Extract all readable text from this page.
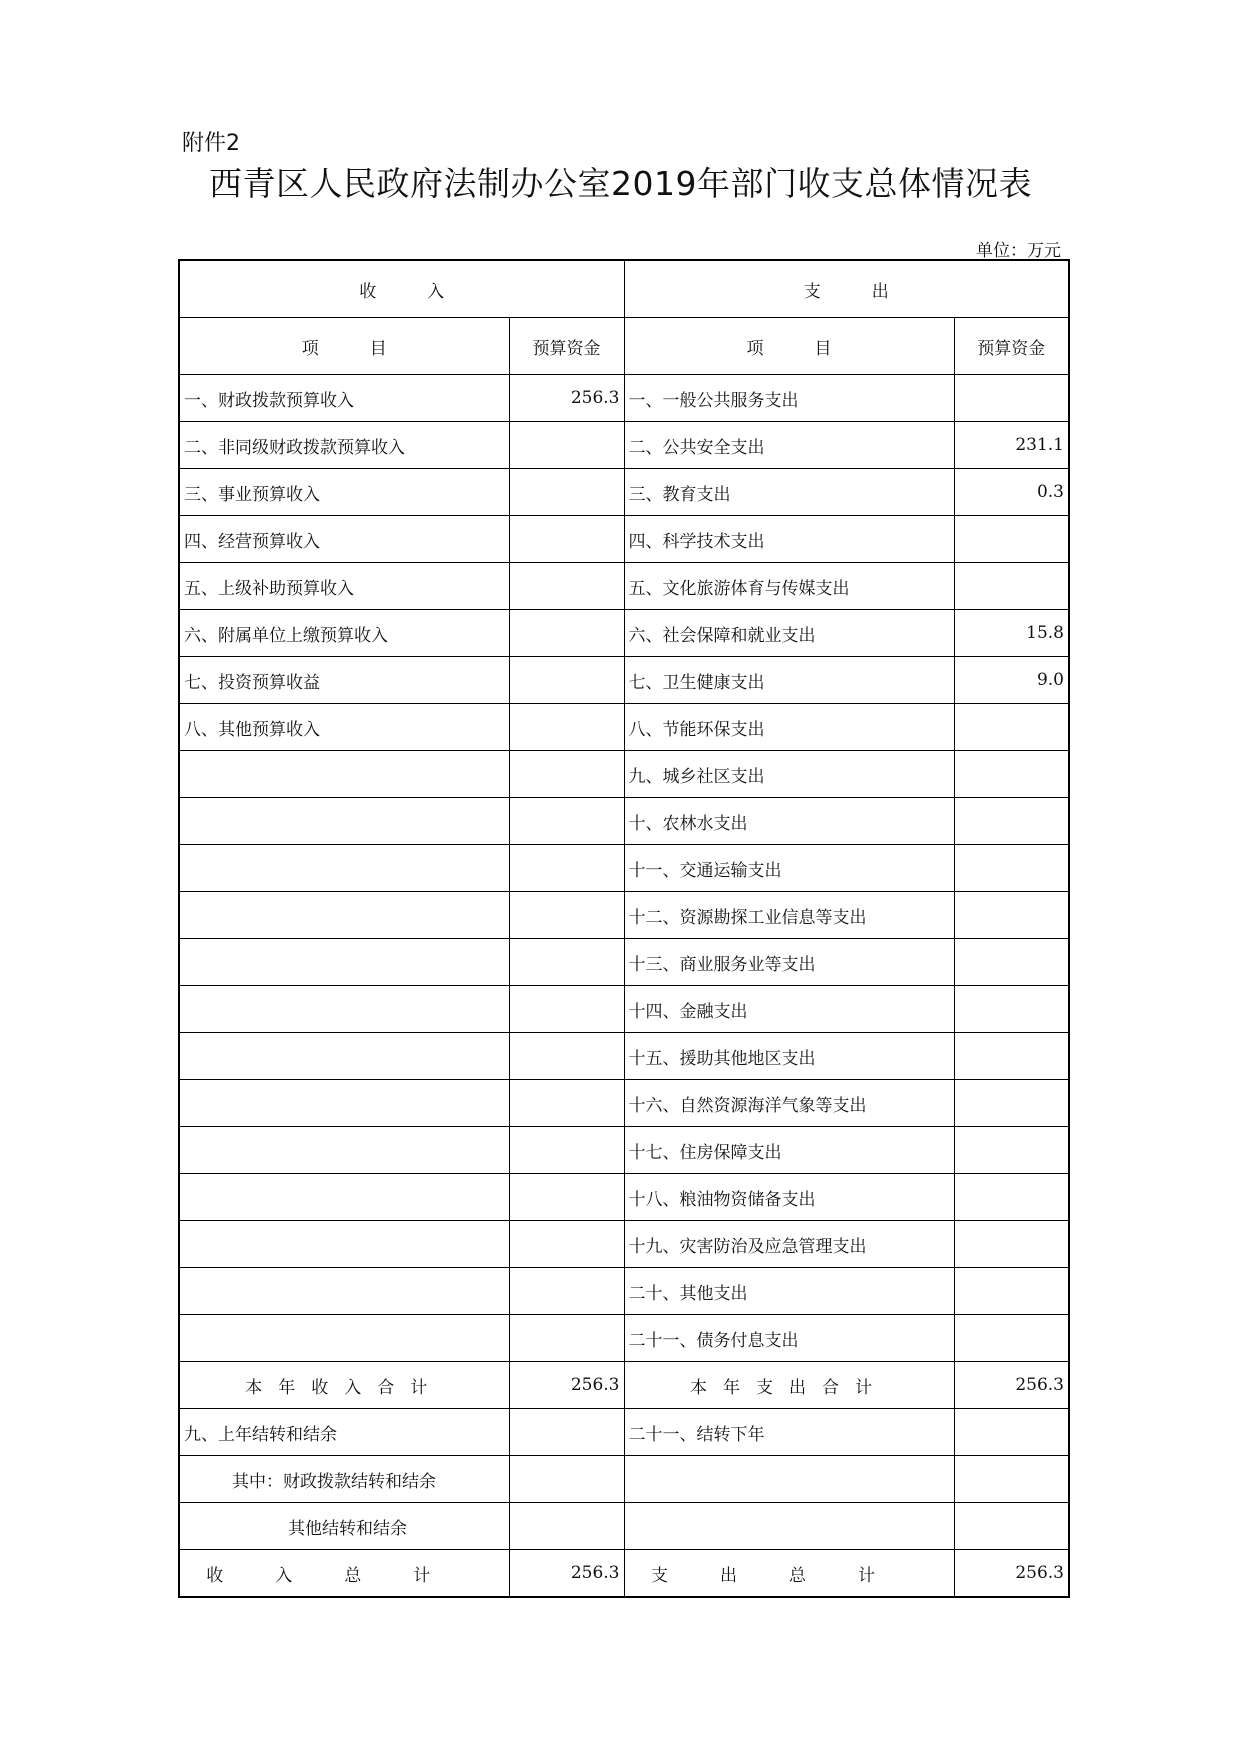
附件2
西青区人民政府法制办公室2019年部门收支总体情况表
单位：万元
收　　　入		支　　　出	
项　　　目	预算资金	项　　　目	预算资金
一、财政拨款预算收入	256.3	一、一般公共服务支出	
二、非同级财政拨款预算收入		二、公共安全支出	231.1
三、事业预算收入		三、教育支出	0.3
四、经营预算收入		四、科学技术支出	
五、上级补助预算收入		五、文化旅游体育与传媒支出	
六、附属单位上缴预算收入		六、社会保障和就业支出	15.8
七、投资预算收益		七、卫生健康支出	9.0
八、其他预算收入		八、节能环保支出	
		九、城乡社区支出	
		十、农林水支出	
		十一、交通运输支出	
		十二、资源勘探工业信息等支出	
		十三、商业服务业等支出	
		十四、金融支出	
		十五、援助其他地区支出	
		十六、自然资源海洋气象等支出	
		十七、住房保障支出	
		十八、粮油物资储备支出	
		十九、灾害防治及应急管理支出	
		二十、其他支出	
		二十一、债务付息支出	
本年收入合计	256.3	本年支出合计	256.3
九、上年结转和结余		二十一、结转下年	
其中：财政拨款结转和结余			
其他结转和结余			
收入总计	256.3	支出总计	256.3
